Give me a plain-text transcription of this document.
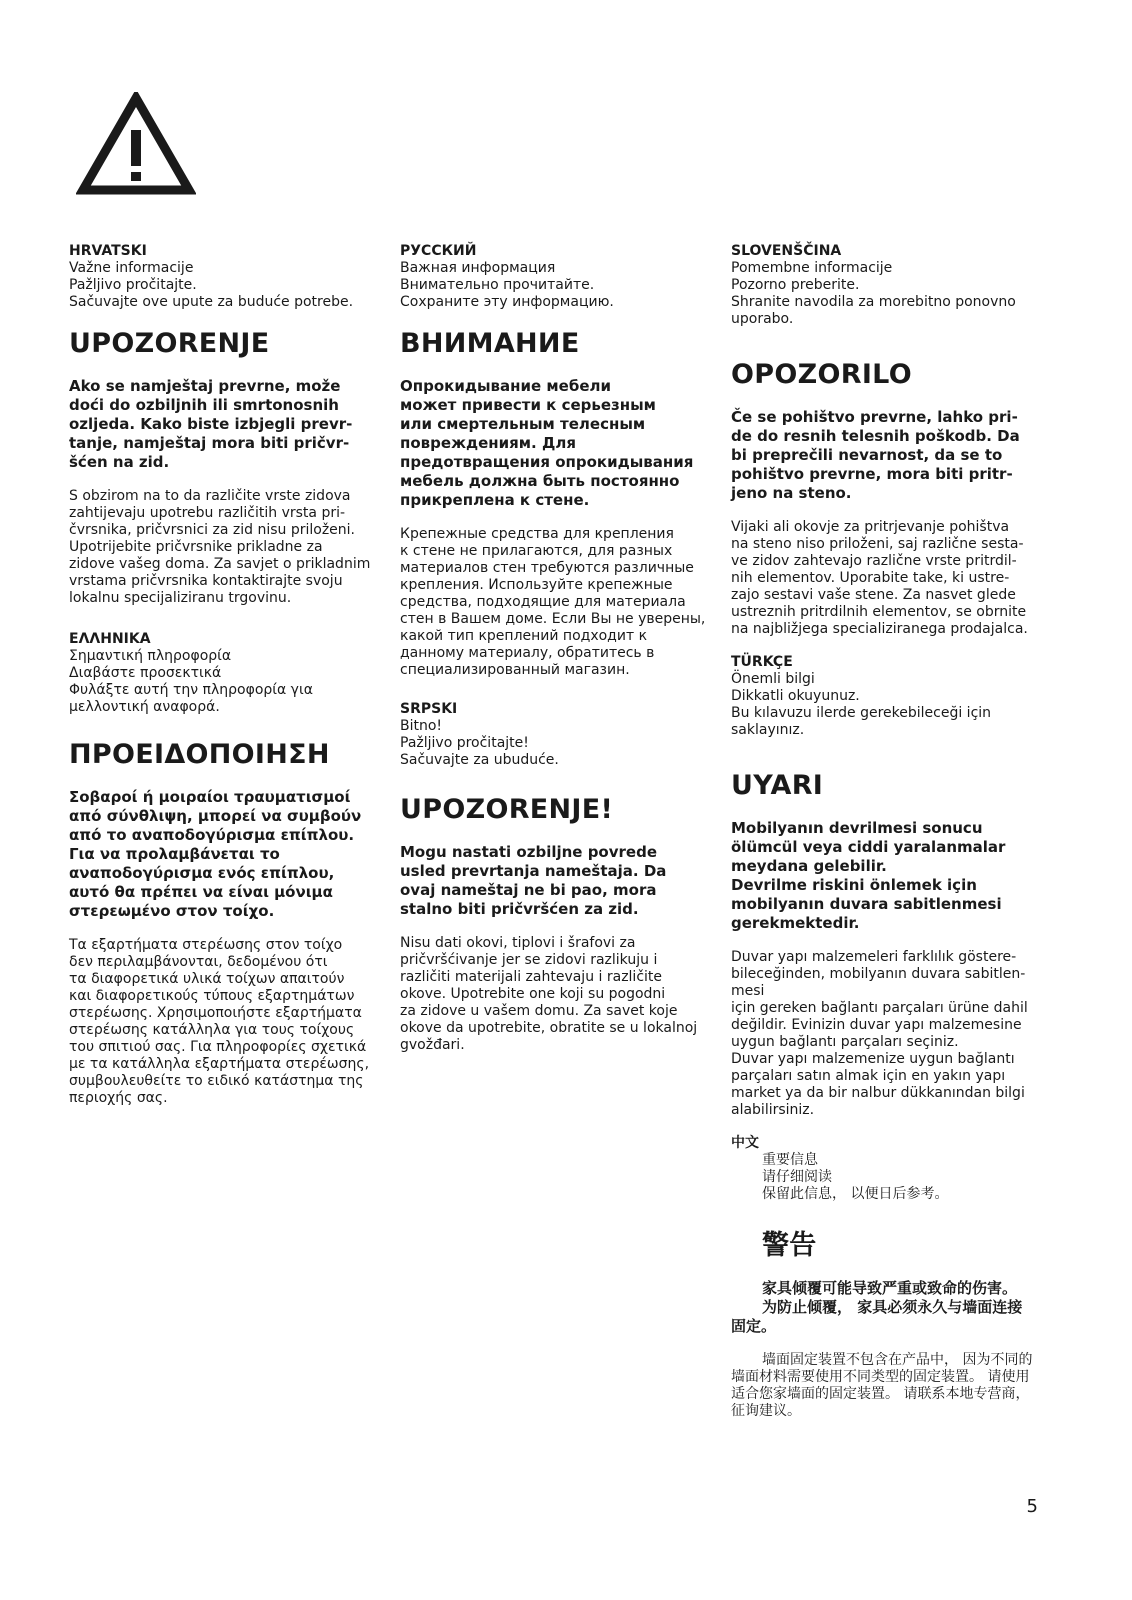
HRVATSKI
Važne informacije
Pažljivo pročitajte.
Sačuvajte ove upute za buduće potrebe.
UPOZORENJE
Ako se namještaj prevrne, može
doći do ozbiljnih ili smrtonosnih
ozljeda. Kako biste izbjegli prevr-
tanje, namještaj mora biti pričvr-
šćen na zid.
S obzirom na to da različite vrste zidova
zahtijevaju upotrebu različitih vrsta pri-
čvrsnika, pričvrsnici za zid nisu priloženi.
Upotrijebite pričvrsnike prikladne za
zidove vašeg doma. Za savjet o prikladnim
vrstama pričvrsnika kontaktirajte svoju
lokalnu specijaliziranu trgovinu.
ΕΛΛΗΝΙΚΑ
Σημαντική πληροφορία
Διαβάστε προσεκτικά
Φυλάξτε αυτή την πληροφορία για
μελλοντική αναφορά.
ΠΡΟΕΙΔΟΠΟΙΗΣΗ
Σοβαροί ή μοιραίοι τραυματισμοί
από σύνθλιψη, μπορεί να συμβούν
από το αναποδογύρισμα επίπλου.
Για να προλαμβάνεται το
αναποδογύρισμα ενός επίπλου,
αυτό θα πρέπει να είναι μόνιμα
στερεωμένο στον τοίχο.
Τα εξαρτήματα στερέωσης στον τοίχο
δεν περιλαμβάνονται, δεδομένου ότι
τα διαφορετικά υλικά τοίχων απαιτούν
και διαφορετικούς τύπους εξαρτημάτων
στερέωσης. Χρησιμοποιήστε εξαρτήματα
στερέωσης κατάλληλα για τους τοίχους
του σπιτιού σας. Για πληροφορίες σχετικά
με τα κατάλληλα εξαρτήματα στερέωσης,
συμβουλευθείτε το ειδικό κατάστημα της
περιοχής σας.
РУССКИЙ
Важная информация
Внимательно прочитайте.
Сохраните эту информацию.
ВНИМАНИЕ
Опрокидывание мебели
может привести к серьезным
или смертельным телесным
повреждениям. Для
предотвращения опрокидывания
мебель должна быть постоянно
прикреплена к стене.
Крепежные средства для крепления
к стене не прилагаются, для разных
материалов стен требуются различные
крепления. Используйте крепежные
средства, подходящие для материала
стен в Вашем доме. Если Вы не уверены,
какой тип креплений подходит к
данному материалу, обратитесь в
специализированный магазин.
SRPSKI
Bitno!
Pažljivo pročitajte!
Sačuvajte za ubuduće.
UPOZORENJE!
Mogu nastati ozbiljne povrede
usled prevrtanja nameštaja. Da
ovaj nameštaj ne bi pao, mora
stalno biti pričvršćen za zid.
Nisu dati okovi, tiplovi i šrafovi za
pričvršćivanje jer se zidovi razlikuju i
različiti materijali zahtevaju i različite
okove. Upotrebite one koji su pogodni
za zidove u vašem domu. Za savet koje
okove da upotrebite, obratite se u lokalnoj
gvožđari.
SLOVENŠČINA
Pomembne informacije
Pozorno preberite.
Shranite navodila za morebitno ponovno
uporabo.
OPOZORILO
Če se pohištvo prevrne, lahko pri-
de do resnih telesnih poškodb. Da
bi preprečili nevarnost, da se to
pohištvo prevrne, mora biti pritr-
jeno na steno.
Vijaki ali okovje za pritrjevanje pohištva
na steno niso priloženi, saj različne sesta-
ve zidov zahtevajo različne vrste pritrdil-
nih elementov. Uporabite take, ki ustre-
zajo sestavi vaše stene. Za nasvet glede
ustreznih pritrdilnih elementov, se obrnite
na najbližjega specializiranega prodajalca.
TÜRKÇE
Önemli bilgi
Dikkatli okuyunuz.
Bu kılavuzu ilerde gerekebileceği için
saklayınız.
UYARI
Mobilyanın devrilmesi sonucu
ölümcül veya ciddi yaralanmalar
meydana gelebilir.
Devrilme riskini önlemek için
mobilyanın duvara sabitlenmesi
gerekmektedir.
Duvar yapı malzemeleri farklılık göstere-
bileceğinden, mobilyanın duvara sabitlen-
mesi
için gereken bağlantı parçaları ürüne dahil
değildir. Evinizin duvar yapı malzemesine
uygun bağlantı parçaları seçiniz.
Duvar yapı malzemenize uygun bağlantı
parçaları satın almak için en yakın yapı
market ya da bir nalbur dükkanından bilgi
alabilirsiniz.
中文
重要信息
请仔细阅读
保留此信息， 以便日后参考。
警告
家具倾覆可能导致严重或致命的伤害。
为防止倾覆， 家具必须永久与墙面连接
固定。
墙面固定装置不包含在产品中， 因为不同的
墙面材料需要使用不同类型的固定装置。 请使用
适合您家墙面的固定装置。 请联系本地专营商，
征询建议。
5
